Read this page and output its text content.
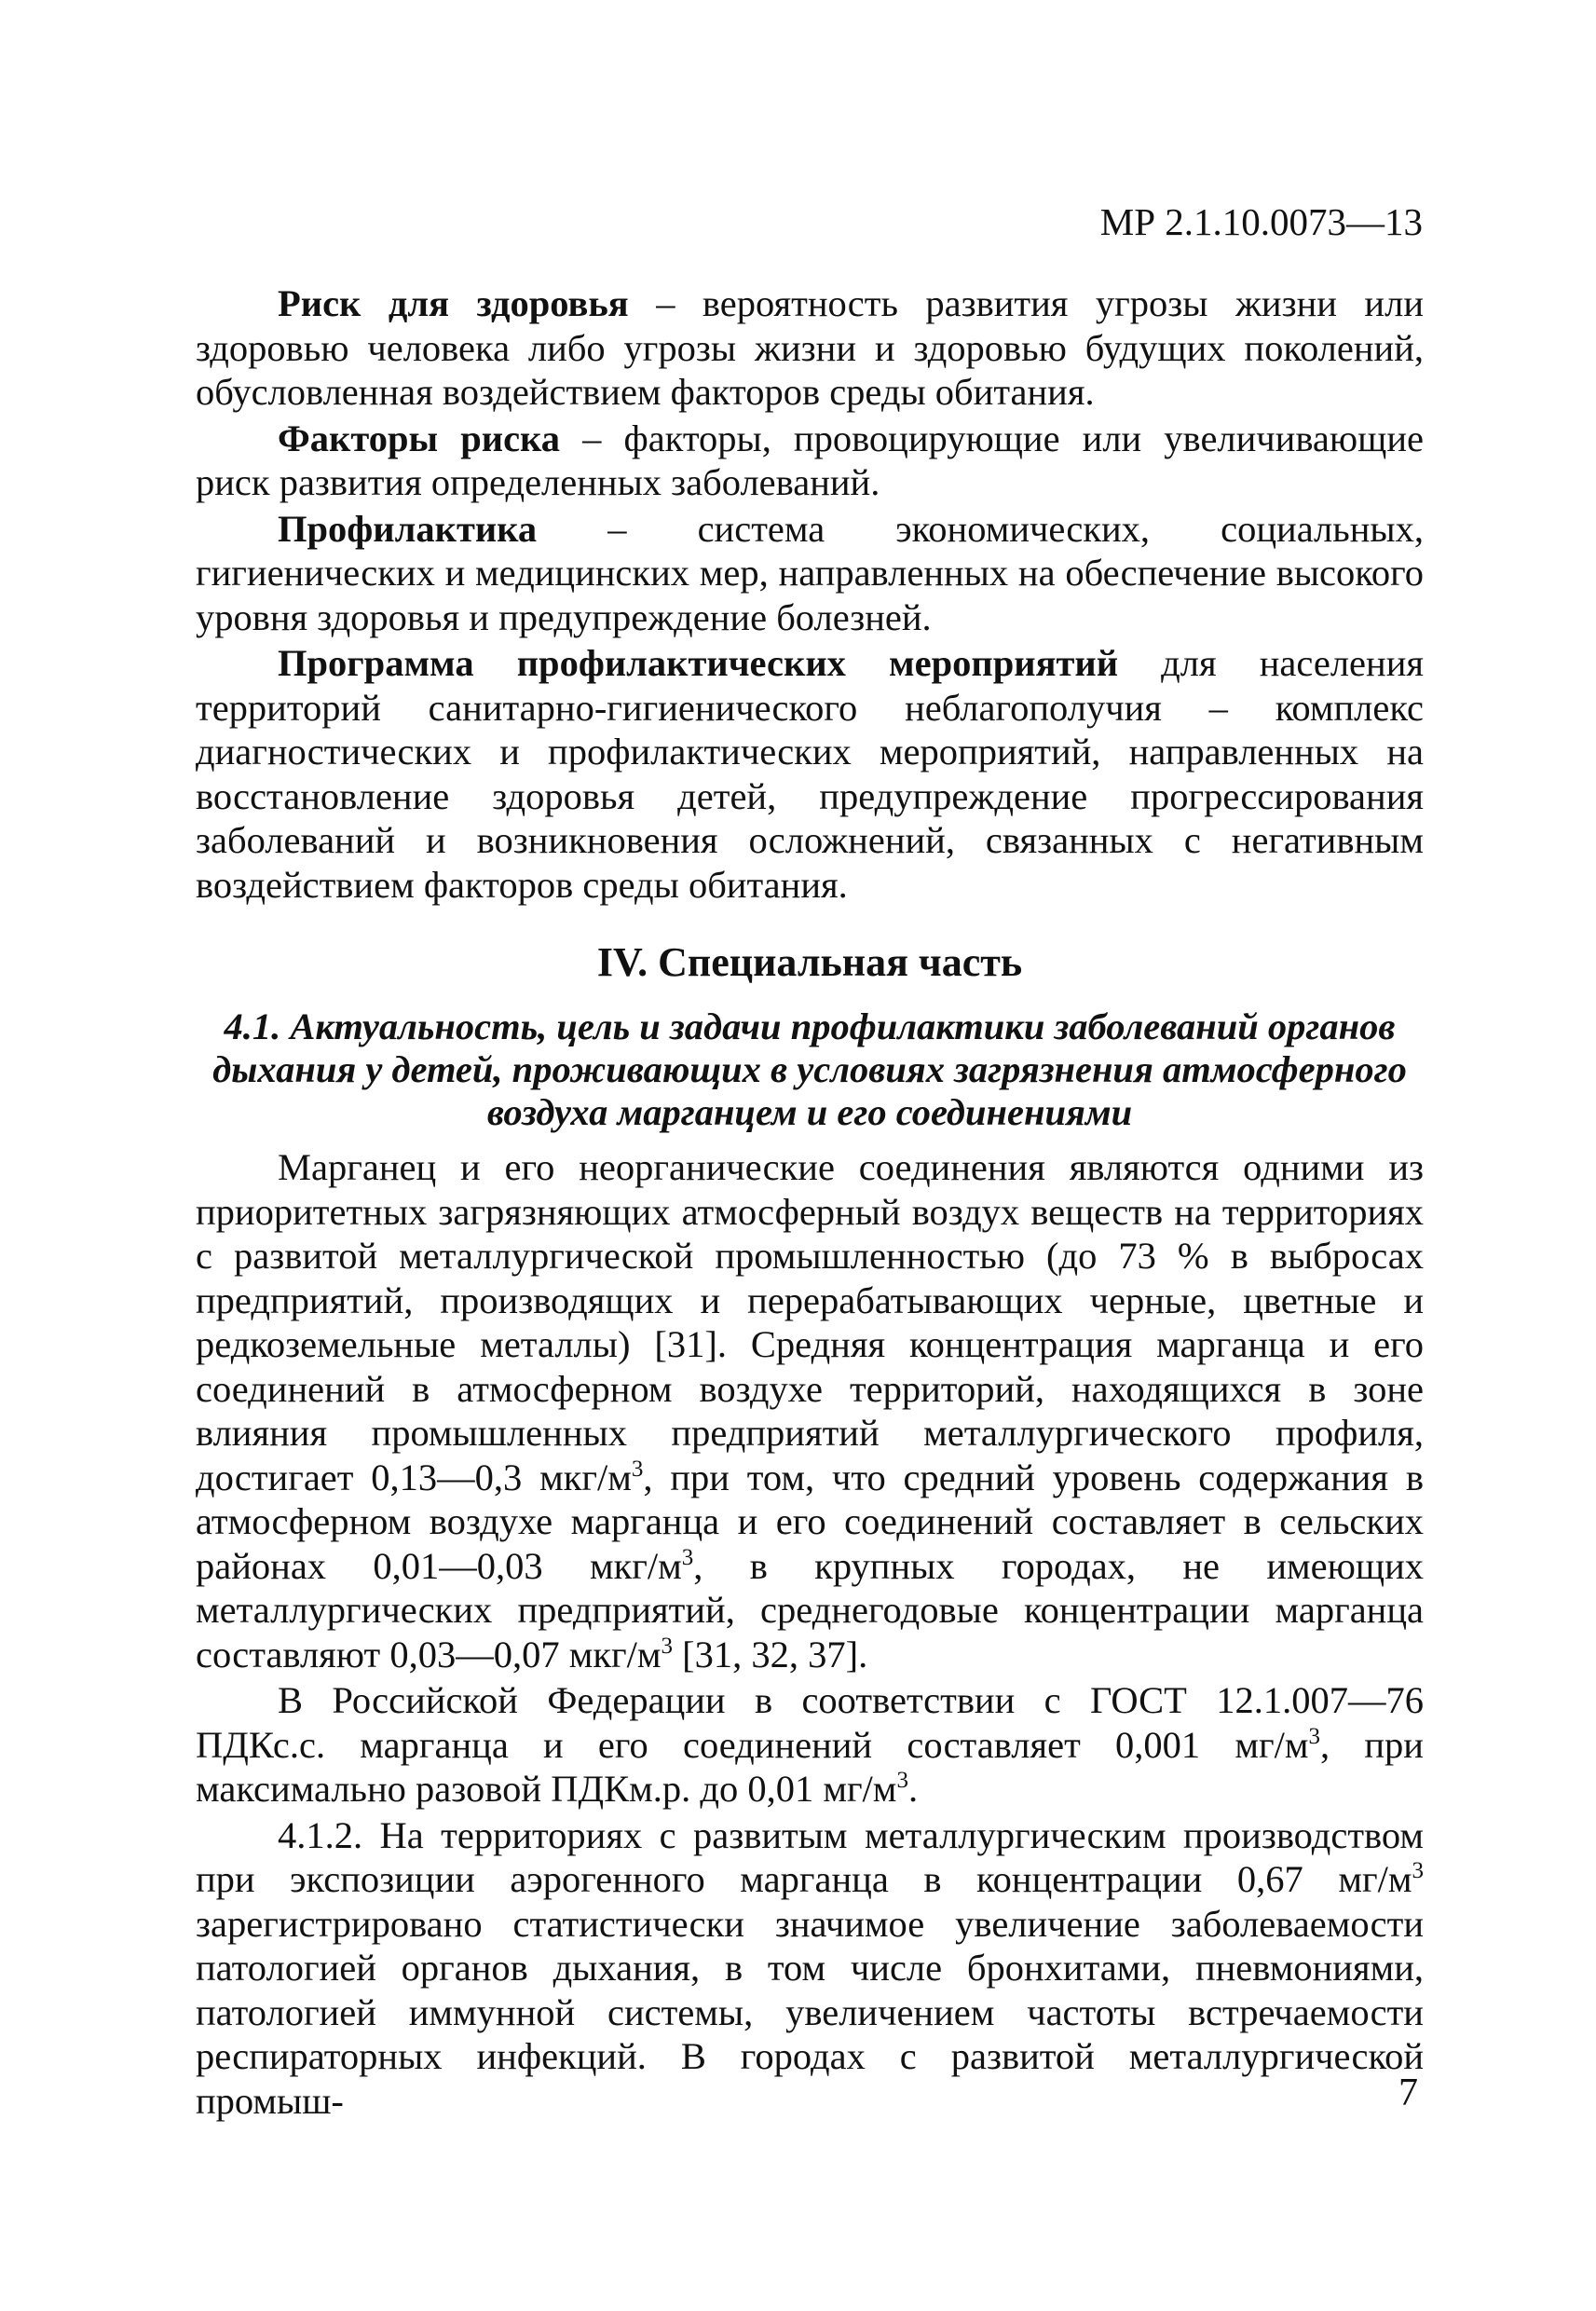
МР 2.1.10.0073—13

Риск для здоровья – вероятность развития угрозы жизни или здоровью человека либо угрозы жизни и здоровью будущих поколений, обусловленная воздействием факторов среды обитания.

Факторы риска – факторы, провоцирующие или увеличивающие риск развития определенных заболеваний.

Профилактика – система экономических, социальных, гигиенических и медицинских мер, направленных на обеспечение высокого уровня здоровья и предупреждение болезней.

Программа профилактических мероприятий для населения территорий санитарно-гигиенического неблагополучия – комплекс диагностических и профилактических мероприятий, направленных на восстановление здоровья детей, предупреждение прогрессирования заболеваний и возникновения осложнений, связанных с негативным воздействием факторов среды обитания.

IV. Специальная часть
4.1. Актуальность, цель и задачи профилактики заболеваний органов дыхания у детей, проживающих в условиях загрязнения атмосферного воздуха марганцем и его соединениями

Марганец и его неорганические соединения являются одними из приоритетных загрязняющих атмосферный воздух веществ на территориях с развитой металлургической промышленностью (до 73 % в выбросах предприятий, производящих и перерабатывающих черные, цветные и редкоземельные металлы) [31]. Средняя концентрация марганца и его соединений в атмосферном воздухе территорий, находящихся в зоне влияния промышленных предприятий металлургического профиля, достигает 0,13—0,3 мкг/$м^3$, при том, что средний уровень содержания в атмосферном воздухе марганца и его соединений составляет в сельских районах 0,01—0,03 мкг/$м^3$, в крупных городах, не имеющих металлургических предприятий, среднегодовые концентрации марганца составляют 0,03—0,07 мкг/$м^3$ [31, 32, 37].

В Российской Федерации в соответствии с ГОСТ 12.1.007—76 ПДКс.с. марганца и его соединений составляет 0,001 $мг/м^3$, при максимально разовой ПДКм.р. до 0,01 $мг/м^3$.

4.1.2. На территориях с развитым металлургическим производством при экспозиции аэрогенного марганца в концентрации 0,67 $мг/м^3$ зарегистрировано статистически значимое увеличение заболеваемости патологией органов дыхания, в том числе бронхитами, пневмониями, патологией иммунной системы, увеличением частоты встречаемости респираторных инфекций. В городах с развитой металлургической промыш-	7
